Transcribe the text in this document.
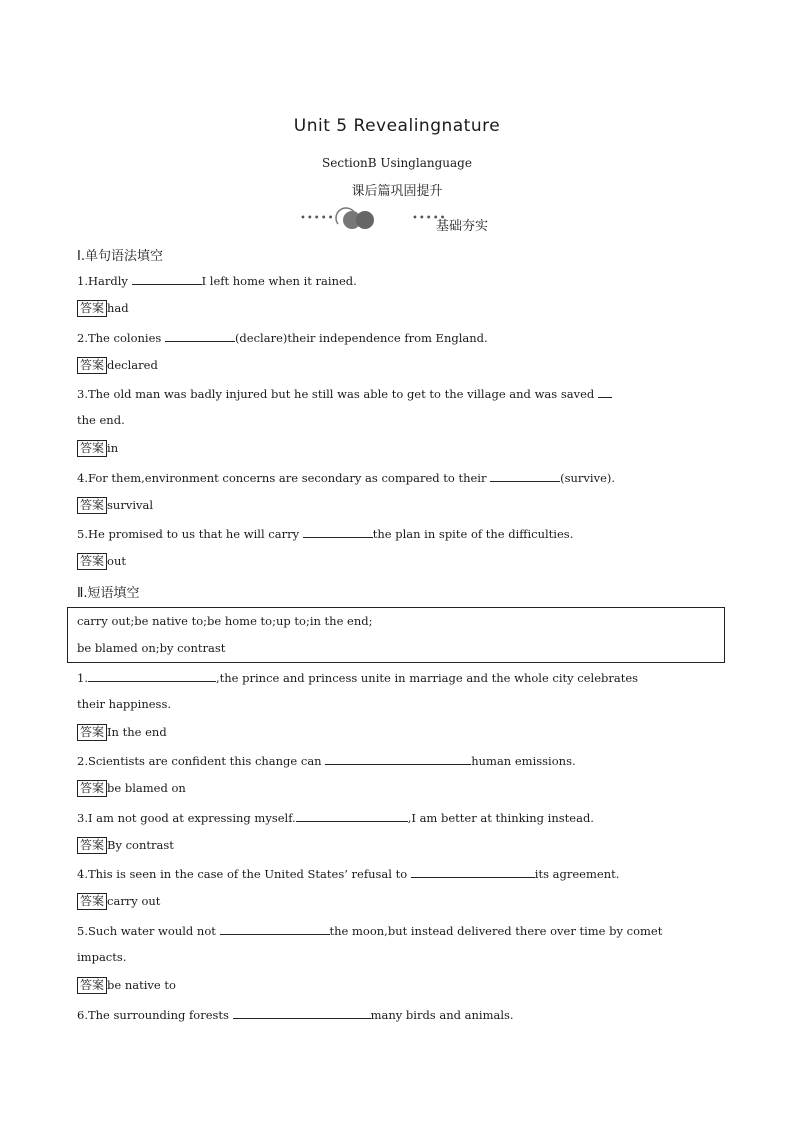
Unit 5 Revealingnature
SectionB Usinglanguage
课后篇巩固提升
•••••	•••••
基础夯实
Ⅰ.单句语法填空
1.Hardly	I left home when it rained.
答案 had
2.The colonies	(declare)their independence from England.
答案 declared
3.The old man was badly injured but he still was able to get to the village and was saved
the end.
答案 in
4.For them,environment concerns are secondary as compared to their	(survive).
答案 survival
5.He promised to us that he will carry	the plan in spite of the difficulties.
答案 out
Ⅱ.短语填空
carry out;be native to;be home to;up to;in the end;
be blamed on;by contrast
1.	,the prince and princess unite in marriage and the whole city celebrates
their happiness.
答案 In the end
2.Scientists are confident this change can	human emissions.
答案 be blamed on
3.I am not good at expressing myself.	,I am better at thinking instead.
答案 By contrast
4.This is seen in the case of the United States’ refusal to	its agreement.
答案 carry out
5.Such water would not	the moon,but instead delivered there over time by comet
impacts.
答案 be native to
6.The surrounding forests	many birds and animals.
